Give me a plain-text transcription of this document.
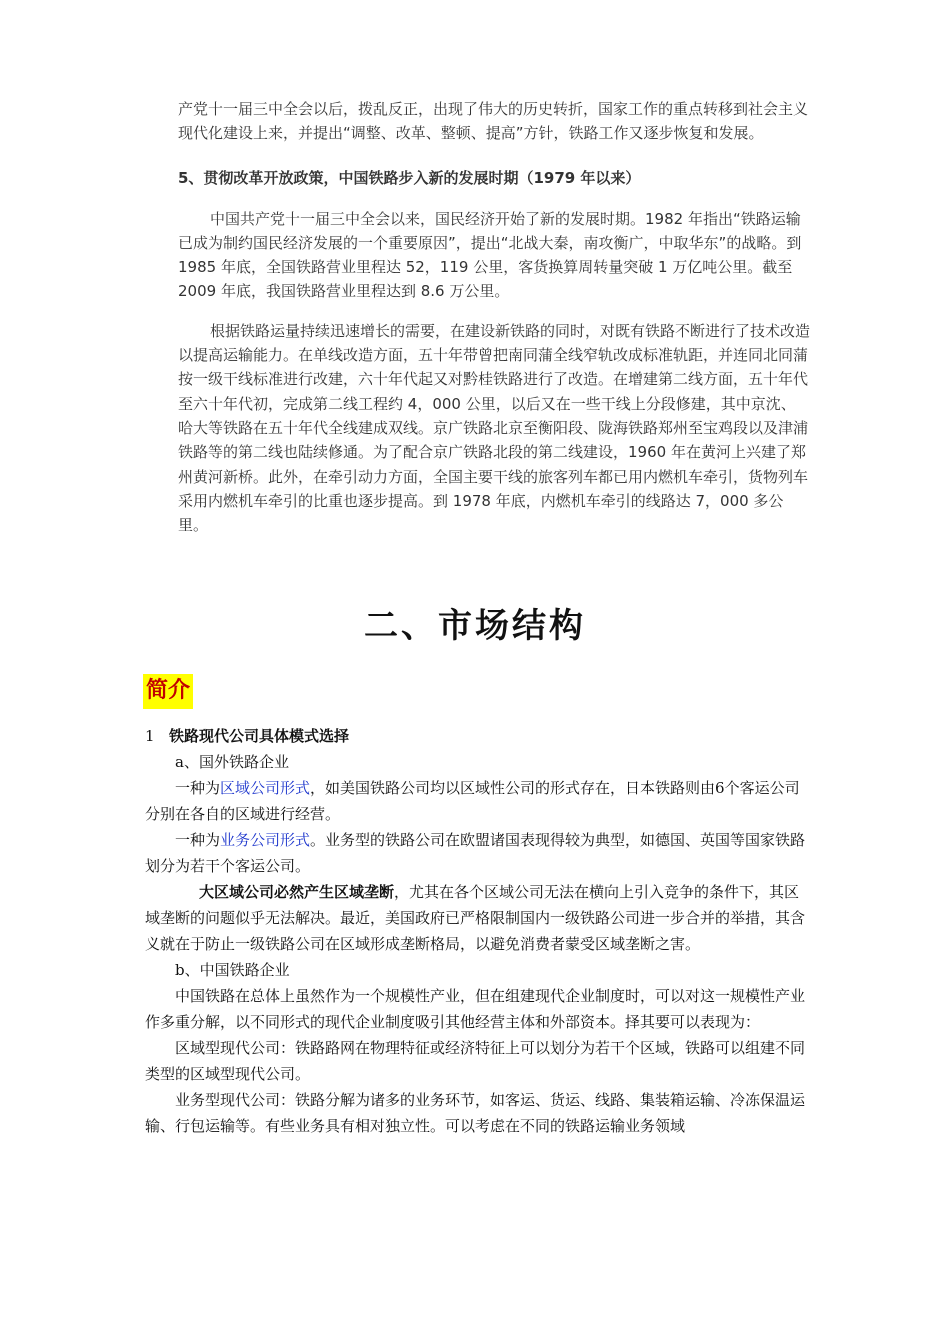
产党十一届三中全会以后，拨乱反正，出现了伟大的历史转折，国家工作的重点转移到社会主义现代化建设上来，并提出“调整、改革、整顿、提高”方针，铁路工作又逐步恢复和发展。

5、贯彻改革开放政策，中国铁路步入新的发展时期（1979 年以来）

中国共产党十一届三中全会以来，国民经济开始了新的发展时期。1982 年指出“铁路运输已成为制约国民经济发展的一个重要原因”，提出“北战大秦，南攻衡广，中取华东”的战略。到 1985 年底，全国铁路营业里程达 52，119 公里，客货换算周转量突破 1 万亿吨公里。截至 2009 年底，我国铁路营业里程达到 8.6 万公里。

根据铁路运量持续迅速增长的需要，在建设新铁路的同时，对既有铁路不断进行了技术改造以提高运输能力。在单线改造方面，五十年带曾把南同蒲全线窄轨改成标准轨距，并连同北同蒲按一级干线标准进行改建，六十年代起又对黔桂铁路进行了改造。在增建第二线方面，五十年代至六十年代初，完成第二线工程约 4，000 公里，以后又在一些干线上分段修建，其中京沈、哈大等铁路在五十年代全线建成双线。京广铁路北京至衡阳段、陇海铁路郑州至宝鸡段以及津浦铁路等的第二线也陆续修通。为了配合京广铁路北段的第二线建设，1960 年在黄河上兴建了郑州黄河新桥。此外，在牵引动力方面，全国主要干线的旅客列车都已用内燃机车牵引，货物列车采用内燃机车牵引的比重也逐步提高。到 1978 年底，内燃机车牵引的线路达 7，000 多公里。

二、市场结构
简介

1 铁路现代公司具体模式选择

a、国外铁路企业

一种为区域公司形式，如美国铁路公司均以区域性公司的形式存在，日本铁路则由6个客运公司分别在各自的区域进行经营。

一种为业务公司形式。业务型的铁路公司在欧盟诸国表现得较为典型，如德国、英国等国家铁路划分为若干个客运公司。

大区域公司必然产生区域垄断，尤其在各个区域公司无法在横向上引入竞争的条件下，其区域垄断的问题似乎无法解决。最近，美国政府已严格限制国内一级铁路公司进一步合并的举措，其含义就在于防止一级铁路公司在区域形成垄断格局，以避免消费者蒙受区域垄断之害。

b、中国铁路企业

中国铁路在总体上虽然作为一个规模性产业，但在组建现代企业制度时，可以对这一规模性产业作多重分解，以不同形式的现代企业制度吸引其他经营主体和外部资本。择其要可以表现为：

区域型现代公司：铁路路网在物理特征或经济特征上可以划分为若干个区域，铁路可以组建不同类型的区域型现代公司。

业务型现代公司：铁路分解为诸多的业务环节，如客运、货运、线路、集装箱运输、冷冻保温运输、行包运输等。有些业务具有相对独立性。可以考虑在不同的铁路运输业务领域
